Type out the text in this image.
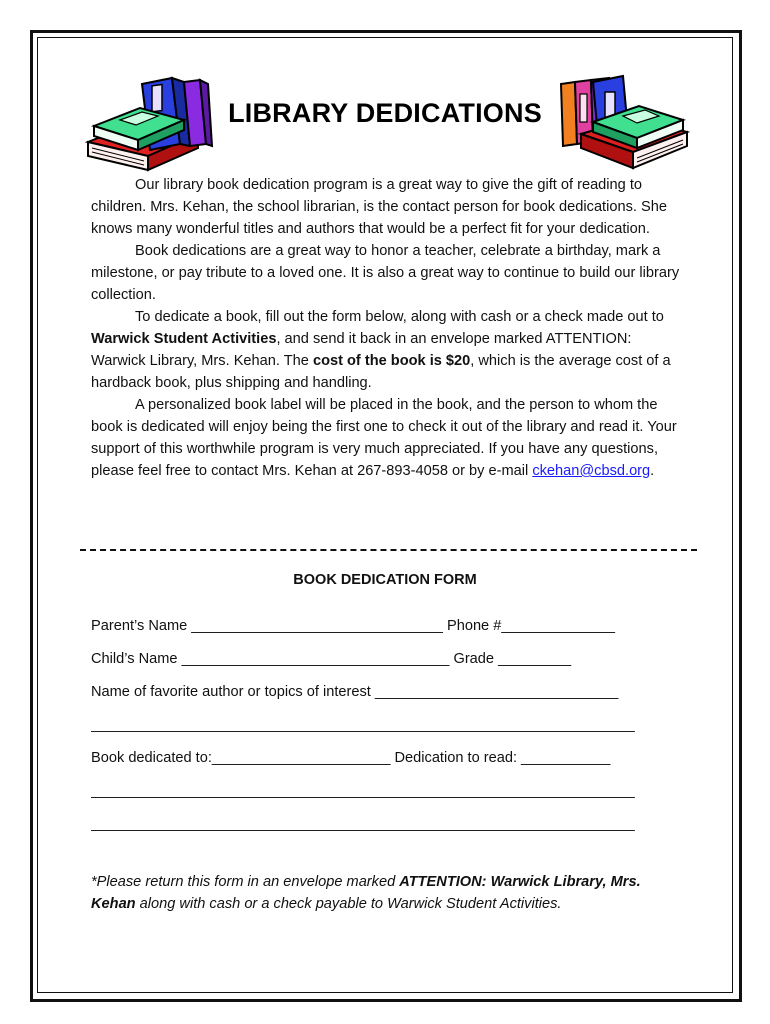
LIBRARY DEDICATIONS

Our library book dedication program is a great way to give the gift of reading to children. Mrs. Kehan, the school librarian, is the contact person for book dedications. She knows many wonderful titles and authors that would be a perfect fit for your dedication.

Book dedications are a great way to honor a teacher, celebrate a birthday, mark a milestone, or pay tribute to a loved one. It is also a great way to continue to build our library collection.

To dedicate a book, fill out the form below, along with cash or a check made out to Warwick Student Activities, and send it back in an envelope marked ATTENTION: Warwick Library, Mrs. Kehan. The cost of the book is $20, which is the average cost of a hardback book, plus shipping and handling.

A personalized book label will be placed in the book, and the person to whom the book is dedicated will enjoy being the first one to check it out of the library and read it. Your support of this worthwhile program is very much appreciated. If you have any questions, please feel free to contact Mrs. Kehan at 267-893-4058 or by e-mail ckehan@cbsd.org.

BOOK DEDICATION FORM
Parent’s Name _______________________________ Phone #______________
Child’s Name _________________________________ Grade _________
Name of favorite author or topics of interest ______________________________
___________________________________________________________________
Book dedicated to:______________________ Dedication to read: ___________
___________________________________________________________________
___________________________________________________________________
*Please return this form in an envelope marked ATTENTION: Warwick Library, Mrs. Kehan along with cash or a check payable to Warwick Student Activities.
